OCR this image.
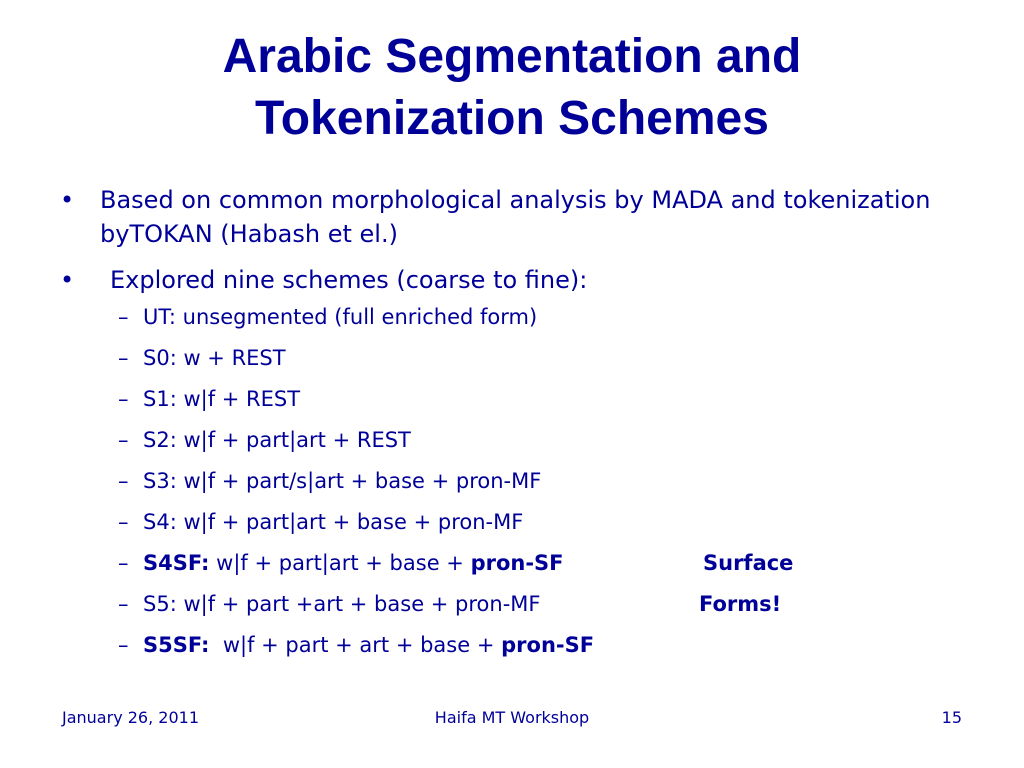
Arabic Segmentation and
Tokenization Schemes
• Based on common morphological analysis by MADA and tokenization byTOKAN (Habash et el.)
• Explored nine schemes (coarse to fine):
– UT: unsegmented (full enriched form)
– S0: w + REST
– S1: w|f + REST
– S2: w|f + part|art + REST
– S3: w|f + part/s|art + base + pron-MF
– S4: w|f + part|art + base + pron-MF
– S4SF: w|f + part|art + base + pron-SF	Surface
– S5: w|f + part +art + base + pron-MF	Forms!
– S5SF:  w|f + part + art + base + pron-SF
January 26, 2011	Haifa MT Workshop	15
